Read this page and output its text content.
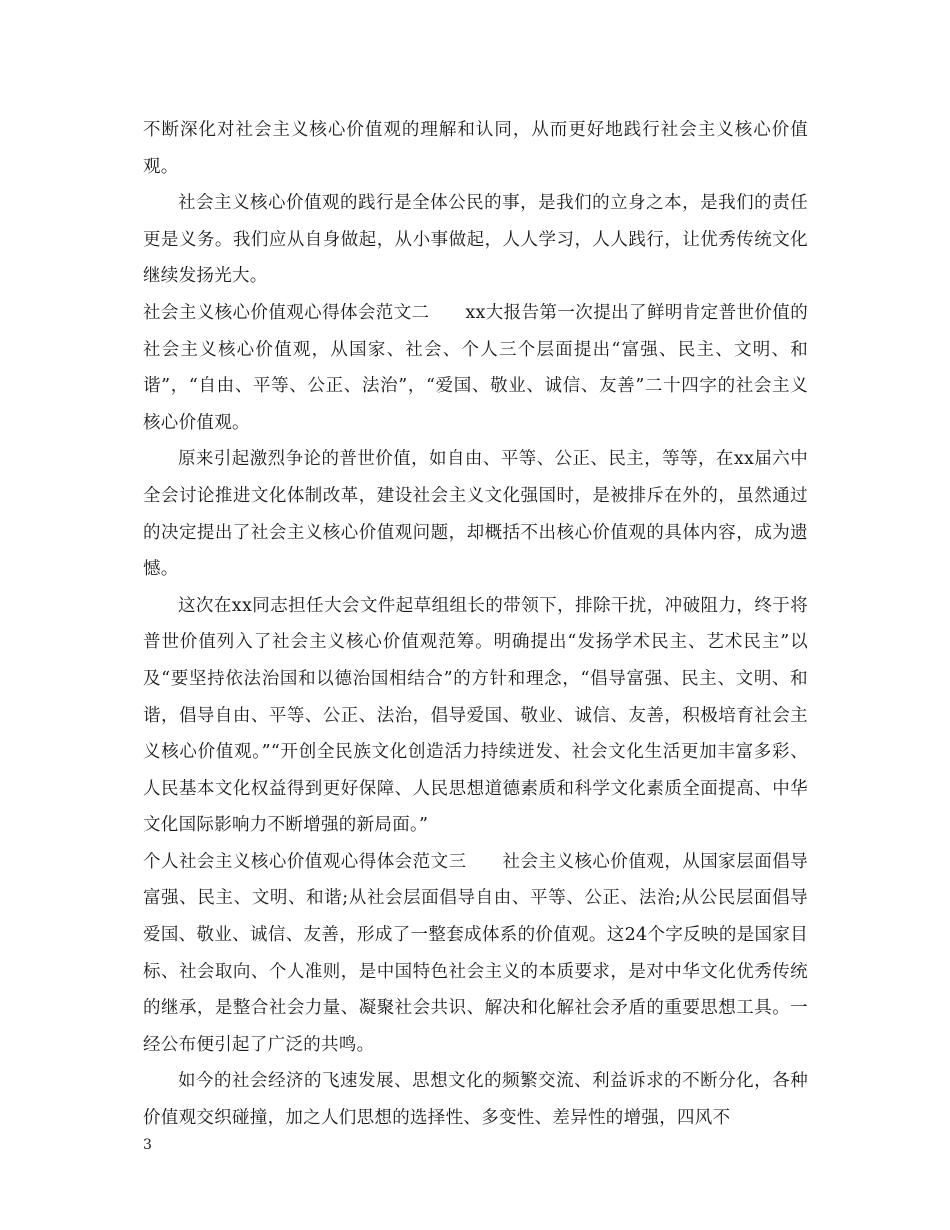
不断深化对社会主义核心价值观的理解和认同，从而更好地践行社会主义核心价值观。

社会主义核心价值观的践行是全体公民的事，是我们的立身之本，是我们的责任更是义务。我们应从自身做起，从小事做起，人人学习，人人践行，让优秀传统文化继续发扬光大。

社会主义核心价值观心得体会范文二　　xx大报告第一次提出了鲜明肯定普世价值的社会主义核心价值观，从国家、社会、个人三个层面提出“富强、民主、文明、和谐”，“自由、平等、公正、法治”，“爱国、敬业、诚信、友善”二十四字的社会主义核心价值观。

原来引起激烈争论的普世价值，如自由、平等、公正、民主，等等，在xx届六中全会讨论推进文化体制改革，建设社会主义文化强国时，是被排斥在外的，虽然通过的决定提出了社会主义核心价值观问题，却概括不出核心价值观的具体内容，成为遗憾。

这次在xx同志担任大会文件起草组组长的带领下，排除干扰，冲破阻力，终于将普世价值列入了社会主义核心价值观范筹。明确提出“发扬学术民主、艺术民主”以及“要坚持依法治国和以德治国相结合”的方针和理念，“倡导富强、民主、文明、和谐，倡导自由、平等、公正、法治，倡导爱国、敬业、诚信、友善，积极培育社会主义核心价值观。”“开创全民族文化创造活力持续迸发、社会文化生活更加丰富多彩、人民基本文化权益得到更好保障、人民思想道德素质和科学文化素质全面提高、中华文化国际影响力不断增强的新局面。”

个人社会主义核心价值观心得体会范文三　　社会主义核心价值观，从国家层面倡导富强、民主、文明、和谐;从社会层面倡导自由、平等、公正、法治;从公民层面倡导爱国、敬业、诚信、友善，形成了一整套成体系的价值观。这24个字反映的是国家目标、社会取向、个人准则，是中国特色社会主义的本质要求，是对中华文化优秀传统的继承，是整合社会力量、凝聚社会共识、解决和化解社会矛盾的重要思想工具。一经公布便引起了广泛的共鸣。

如今的社会经济的飞速发展、思想文化的频繁交流、利益诉求的不断分化，各种价值观交织碰撞，加之人们思想的选择性、多变性、差异性的增强，四风不

3
